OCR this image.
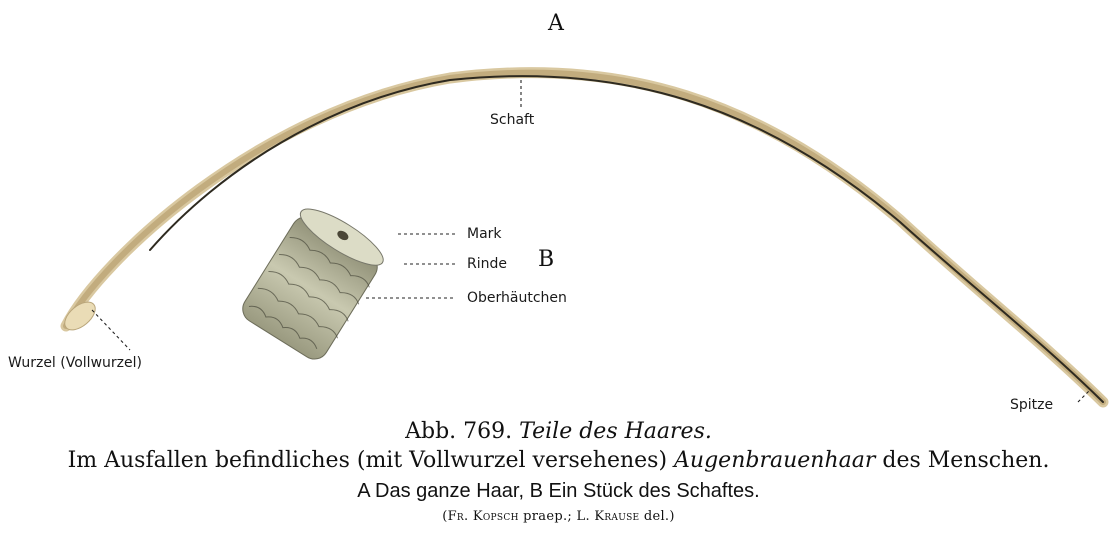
A
B
Schaft
Mark
Rinde
Oberhäutchen
Wurzel (Vollwurzel)
Spitze
Abb. 769. Teile des Haares.
Im Ausfallen befindliches (mit Vollwurzel versehenes) Augenbrauenhaar des Menschen.
A Das ganze Haar, B Ein Stück des Schaftes.
(Fr. Kopsch praep.; L. Krause del.)
